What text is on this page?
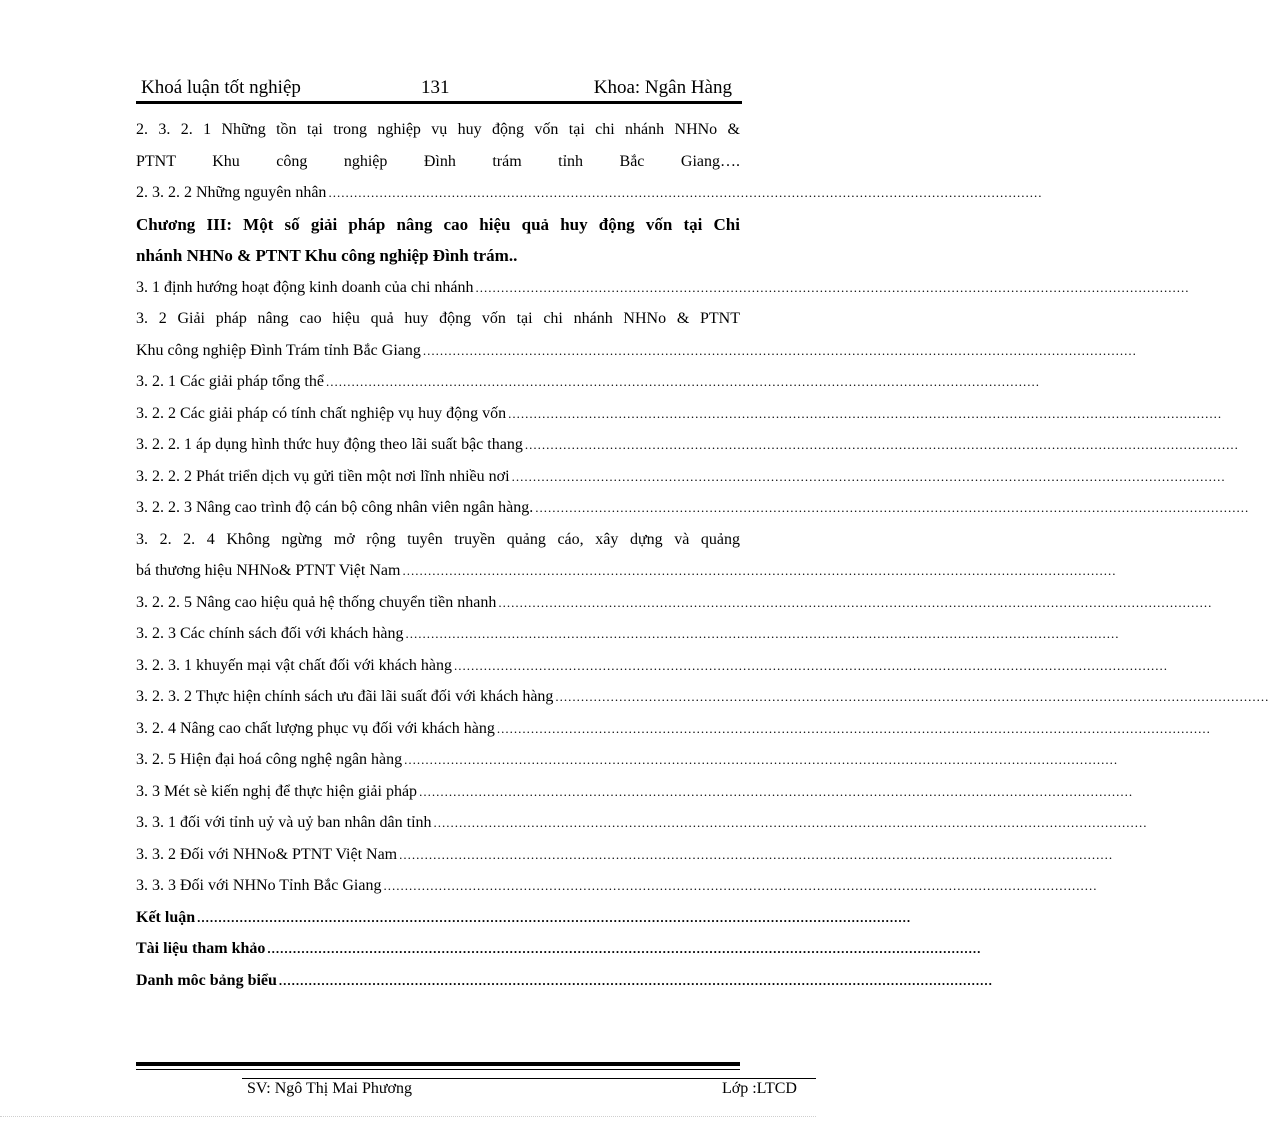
Khoá luận tốt nghiệp	131	Khoa: Ngân Hàng
2. 3. 2. 1 Những tồn tại trong nghiệp vụ huy động vốn tại chi nhánh NHNo &
PTNT Khu công nghiệp Đình trám tỉnh Bắc Giang….
2. 3. 2. 2 Những nguyên nhân ........................................................................................................................................................................
Chương III: Một số giải pháp nâng cao hiệu quả huy động vốn tại Chi
nhánh NHNo & PTNT Khu công nghiệp Đình trám..
3. 1 định hướng hoạt động kinh doanh của chi nhánh ........................................................................................................................................................................
3. 2 Giải pháp nâng cao hiệu quả huy động vốn tại chi nhánh NHNo & PTNT
Khu công nghiệp Đình Trám tỉnh Bắc Giang ........................................................................................................................................................................
3. 2. 1 Các giải pháp tổng thể ........................................................................................................................................................................
3. 2. 2 Các giải pháp có tính chất nghiệp vụ huy động vốn ........................................................................................................................................................................
3. 2. 2. 1 áp dụng hình thức huy động theo lãi suất bậc thang ........................................................................................................................................................................
3. 2. 2. 2 Phát triển dịch vụ gửi tiền một nơi lĩnh nhiều nơi ........................................................................................................................................................................
3. 2. 2. 3 Nâng cao trình độ cán bộ công nhân viên ngân hàng. ........................................................................................................................................................................
3. 2. 2. 4 Không ngừng mở rộng tuyên truyền quảng cáo, xây dựng và quảng
bá thương hiệu NHNo& PTNT Việt Nam ........................................................................................................................................................................
3. 2. 2. 5 Nâng cao hiệu quả hệ thống chuyển tiền nhanh ........................................................................................................................................................................
3. 2. 3 Các chính sách đối với khách hàng ........................................................................................................................................................................
3. 2. 3. 1 khuyến mại vật chất đối với khách hàng ........................................................................................................................................................................
3. 2. 3. 2 Thực hiện chính sách ưu đãi lãi suất đối với khách hàng ........................................................................................................................................................................
3. 2. 4 Nâng cao chất lượng phục vụ đối với khách hàng ........................................................................................................................................................................
3. 2. 5 Hiện đại hoá công nghệ ngân hàng ........................................................................................................................................................................
3. 3 Mét sè kiến nghị để thực hiện giải pháp ........................................................................................................................................................................
3. 3. 1 đối với tỉnh uỷ và uỷ ban nhân dân tỉnh ........................................................................................................................................................................
3. 3. 2 Đối với NHNo& PTNT Việt Nam ........................................................................................................................................................................
3. 3. 3 Đối với NHNo Tỉnh Bắc Giang ........................................................................................................................................................................
Kết luận ........................................................................................................................................................................
Tài liệu tham khảo ........................................................................................................................................................................
Danh môc bảng biểu ........................................................................................................................................................................
SV: Ngô Thị Mai Phương	Lớp :LTCD
